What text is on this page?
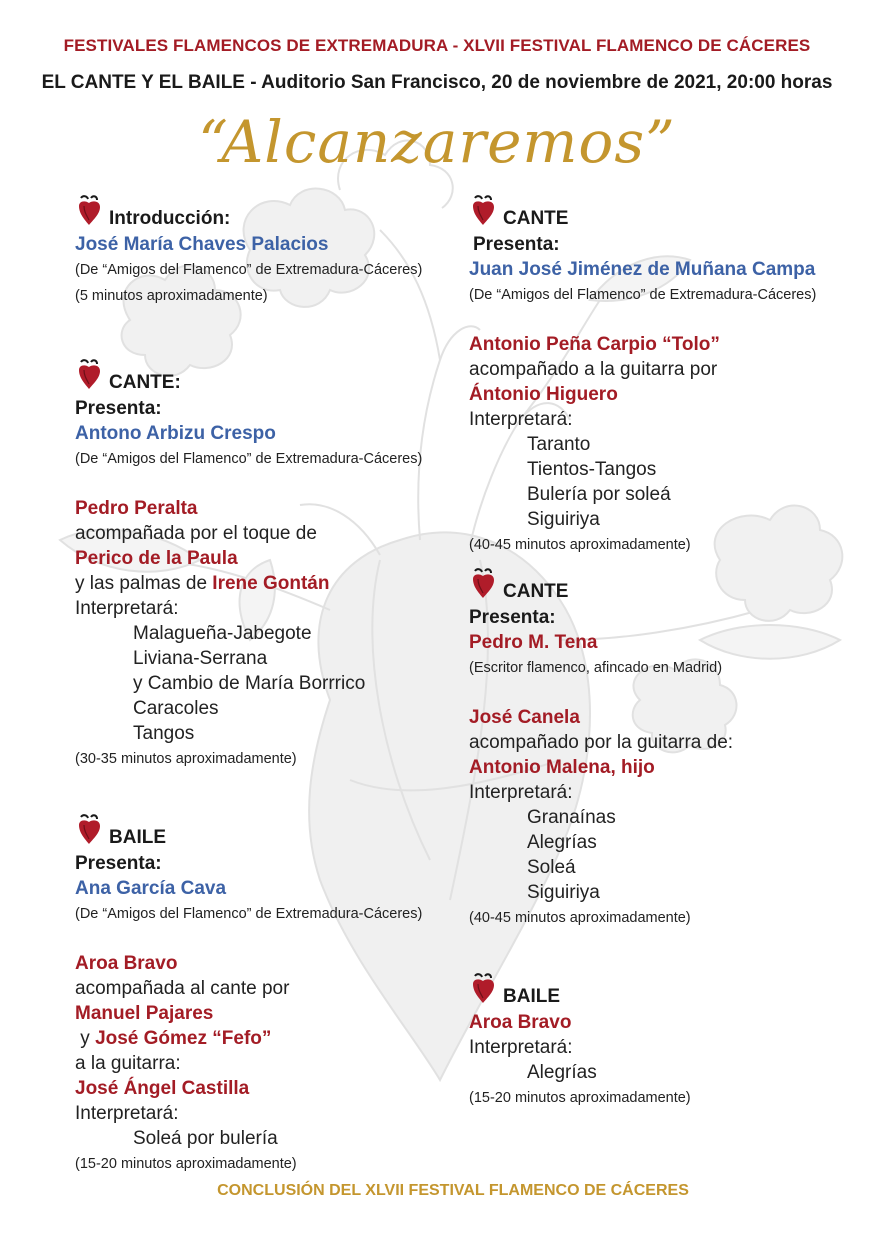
FESTIVALES FLAMENCOS DE EXTREMADURA - XLVII FESTIVAL FLAMENCO DE CÁCERES
EL CANTE Y EL BAILE - Auditorio San Francisco, 20 de noviembre de 2021, 20:00 horas
“Alcanzaremos”
Introducción:
José María Chaves Palacios
(De “Amigos del Flamenco” de Extremadura-Cáceres)
(5 minutos aproximadamente)
CANTE:
Presenta:
Antono Arbizu Crespo
(De “Amigos del Flamenco” de Extremadura-Cáceres)
Pedro Peralta
acompañada por el toque de
Perico de la Paula
y las palmas de Irene Gontán
Interpretará:
Malagueña-Jabegote
Liviana-Serrana
y Cambio de María Borrrico
Caracoles
Tangos
(30-35 minutos aproximadamente)
BAILE
Presenta:
Ana García Cava
(De “Amigos del Flamenco” de Extremadura-Cáceres)
Aroa Bravo
acompañada al cante por
Manuel Pajares
y José Gómez “Fefo”
a la guitarra:
José Ángel Castilla
Interpretará:
Soleá por bulería
(15-20 minutos aproximadamente)
CANTE
Presenta:
Juan José Jiménez de Muñana Campa
(De “Amigos del Flamenco” de Extremadura-Cáceres)
Antonio Peña Carpio “Tolo”
acompañado a la guitarra por
Ántonio Higuero
Interpretará:
Taranto
Tientos-Tangos
Bulería por soleá
Siguiriya
(40-45 minutos aproximadamente)
CANTE
Presenta:
Pedro M. Tena
(Escritor flamenco, afincado en Madrid)
José Canela
acompañado por la guitarra de:
Antonio Malena, hijo
Interpretará:
Granaínas
Alegrías
Soleá
Siguiriya
(40-45 minutos aproximadamente)
BAILE
Aroa Bravo
Interpretará:
Alegrías
(15-20 minutos aproximadamente)
CONCLUSIÓN DEL XLVII FESTIVAL FLAMENCO DE CÁCERES
